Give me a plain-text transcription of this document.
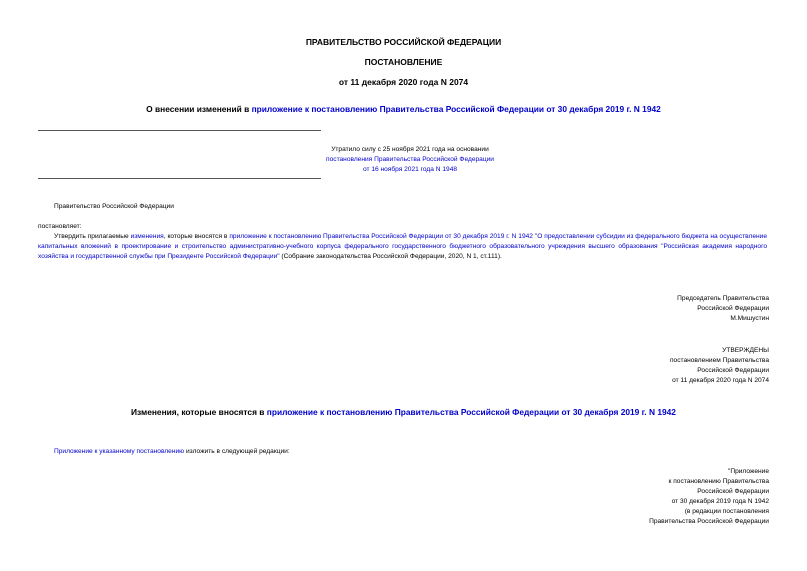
ПРАВИТЕЛЬСТВО РОССИЙСКОЙ ФЕДЕРАЦИИ
ПОСТАНОВЛЕНИЕ
от 11 декабря 2020 года N 2074
О внесении изменений в приложение к постановлению Правительства Российской Федерации от 30 декабря 2019 г. N 1942
Утратило силу с 25 ноября 2021 года на основании
постановления Правительства Российской Федерации
от 16 ноября 2021 года N 1948
Правительство Российской Федерации
постановляет:
Утвердить прилагаемые изменения, которые вносятся в приложение к постановлению Правительства Российской Федерации от 30 декабря 2019 г. N 1942 "О предоставлении субсидии из федерального бюджета на осуществление капитальных вложений в проектирование и строительство административно-учебного корпуса федерального государственного бюджетного образовательного учреждения высшего образования "Российская академия народного хозяйства и государственной службы при Президенте Российской Федерации" (Собрание законодательства Российской Федерации, 2020, N 1, ст.111).
Председатель Правительства
Российской Федерации
М.Мишустин
УТВЕРЖДЕНЫ
постановлением Правительства
Российской Федерации
от 11 декабря 2020 года N 2074
Изменения, которые вносятся в приложение к постановлению Правительства Российской Федерации от 30 декабря 2019 г. N 1942
Приложение к указанному постановлению изложить в следующей редакции:
"Приложение
к постановлению Правительства
Российской Федерации
от 30 декабря 2019 года N 1942
(в редакции постановления
Правительства Российской Федерации
